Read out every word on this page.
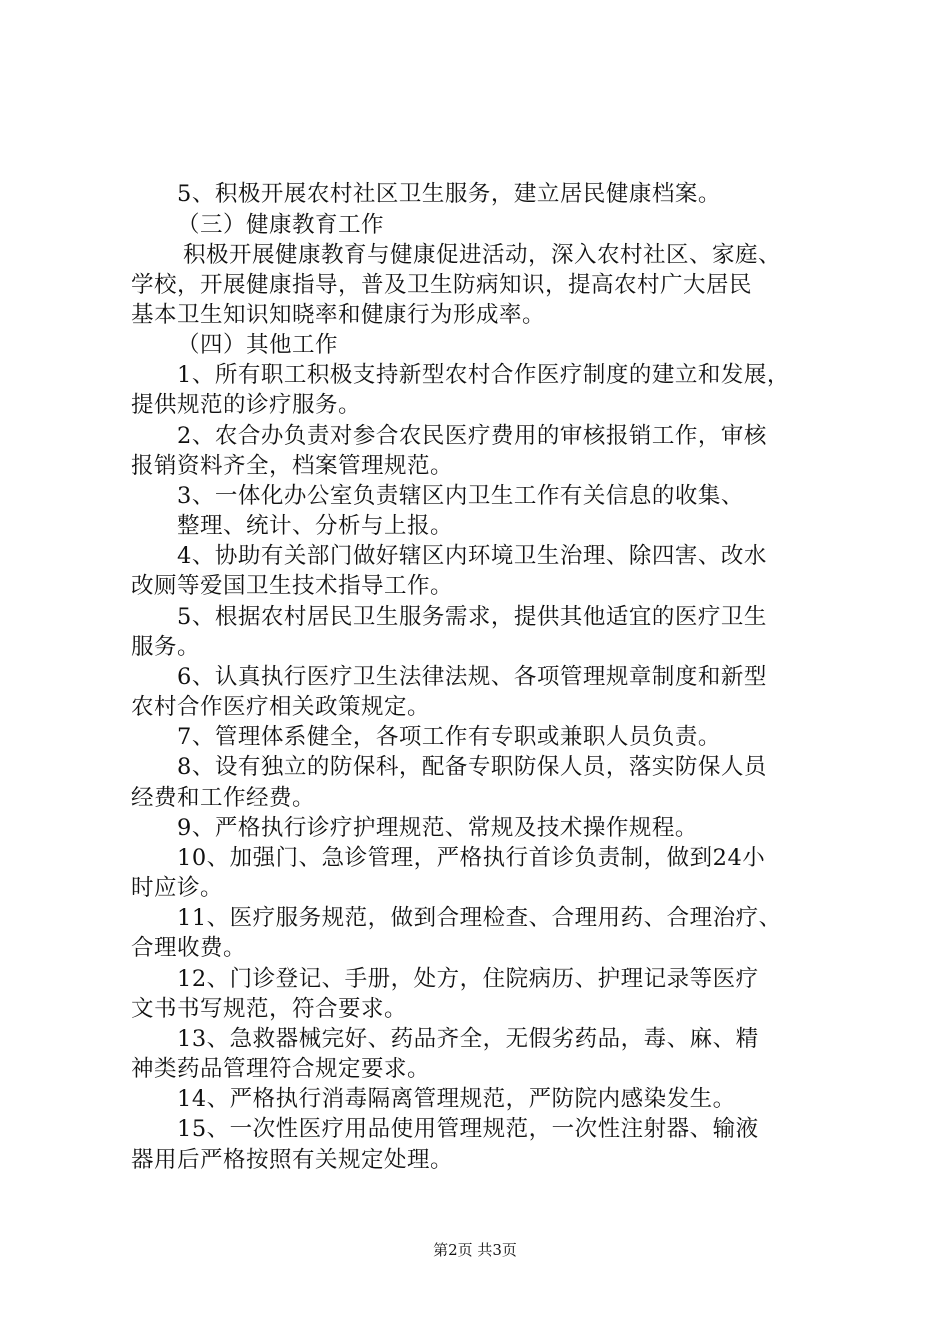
5、积极开展农村社区卫生服务，建立居民健康档案。
（三）健康教育工作
积极开展健康教育与健康促进活动，深入农村社区、家庭、
学校，开展健康指导，普及卫生防病知识，提高农村广大居民
基本卫生知识知晓率和健康行为形成率。
（四）其他工作
1、所有职工积极支持新型农村合作医疗制度的建立和发展，
提供规范的诊疗服务。
2、农合办负责对参合农民医疗费用的审核报销工作，审核
报销资料齐全，档案管理规范。
3、一体化办公室负责辖区内卫生工作有关信息的收集、
整理、统计、分析与上报。
4、协助有关部门做好辖区内环境卫生治理、除四害、改水
改厕等爱国卫生技术指导工作。
5、根据农村居民卫生服务需求，提供其他适宜的医疗卫生
服务。
6、认真执行医疗卫生法律法规、各项管理规章制度和新型
农村合作医疗相关政策规定。
7、管理体系健全，各项工作有专职或兼职人员负责。
8、设有独立的防保科，配备专职防保人员，落实防保人员
经费和工作经费。
9、严格执行诊疗护理规范、常规及技术操作规程。
10、加强门、急诊管理，严格执行首诊负责制，做到24小
时应诊。
11、医疗服务规范，做到合理检查、合理用药、合理治疗、
合理收费。
12、门诊登记、手册，处方，住院病历、护理记录等医疗
文书书写规范，符合要求。
13、急救器械完好、药品齐全，无假劣药品，毒、麻、精
神类药品管理符合规定要求。
14、严格执行消毒隔离管理规范，严防院内感染发生。
15、一次性医疗用品使用管理规范，一次性注射器、输液
器用后严格按照有关规定处理。
第2页 共3页
